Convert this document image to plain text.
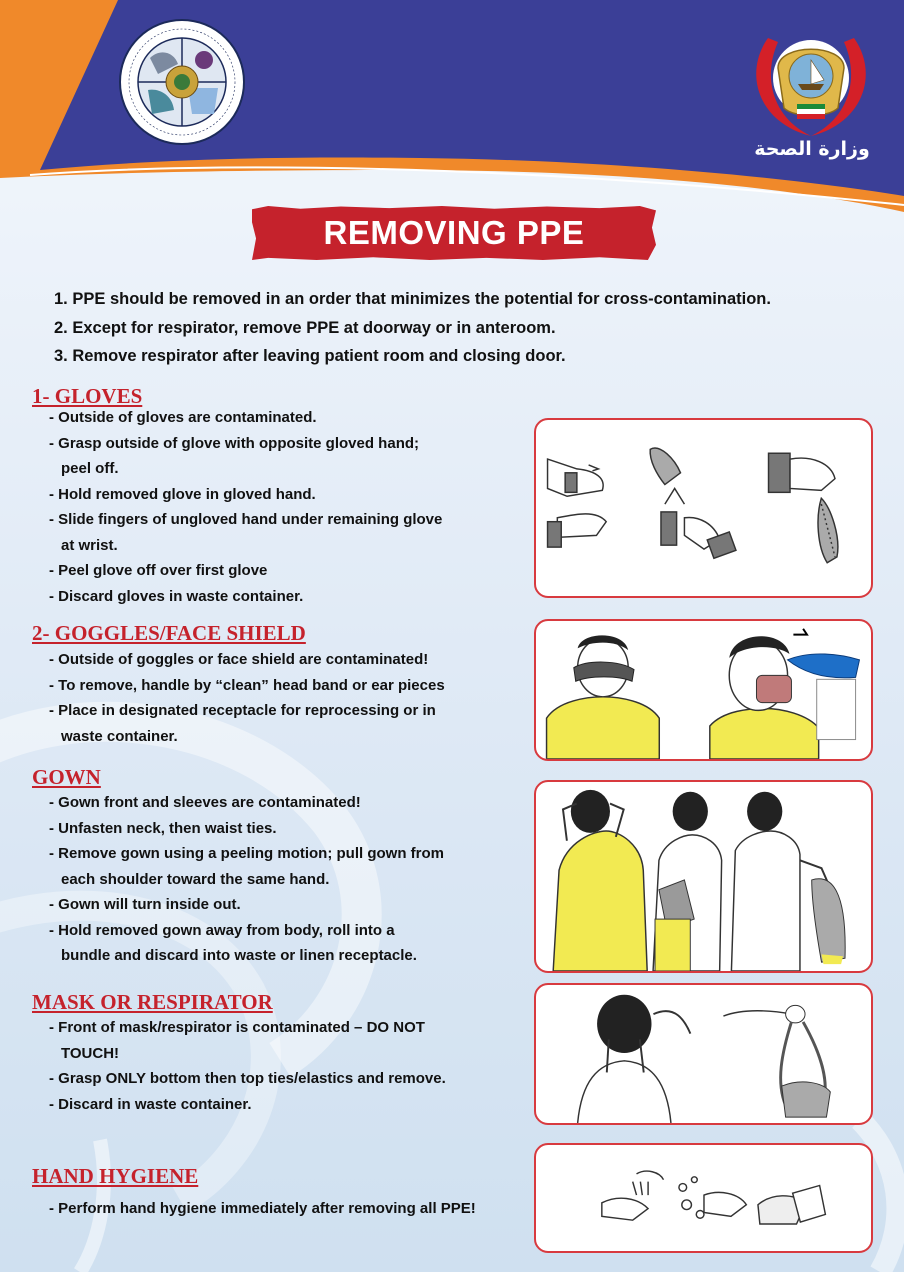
وزارة الصحة
REMOVING PPE
1. PPE should be removed in an order that minimizes the potential for cross-contamination.
2. Except for respirator, remove PPE at doorway or in anteroom.
3. Remove respirator after leaving patient room and closing door.
1- GLOVES
- Outside of gloves are contaminated.
- Grasp outside of glove with opposite gloved hand;
peel off.
- Hold removed glove in gloved hand.
- Slide fingers of ungloved hand under remaining glove
at wrist.
- Peel glove off over first glove
- Discard gloves in waste container.
2- GOGGLES/FACE SHIELD
- Outside of goggles or face shield are contaminated!
- To remove, handle by “clean” head band or ear pieces
- Place in designated receptacle for reprocessing or in
waste container.
GOWN
- Gown front and sleeves are contaminated!
- Unfasten neck, then waist ties.
- Remove gown using a peeling motion; pull gown from
each shoulder toward the same hand.
- Gown will turn inside out.
- Hold removed gown away from body, roll into a
bundle and discard into waste or linen receptacle.
MASK OR RESPIRATOR
- Front of mask/respirator is contaminated – DO NOT
TOUCH!
- Grasp ONLY bottom then top ties/elastics and remove.
- Discard in waste container.
HAND HYGIENE
- Perform hand hygiene immediately after removing all PPE!
